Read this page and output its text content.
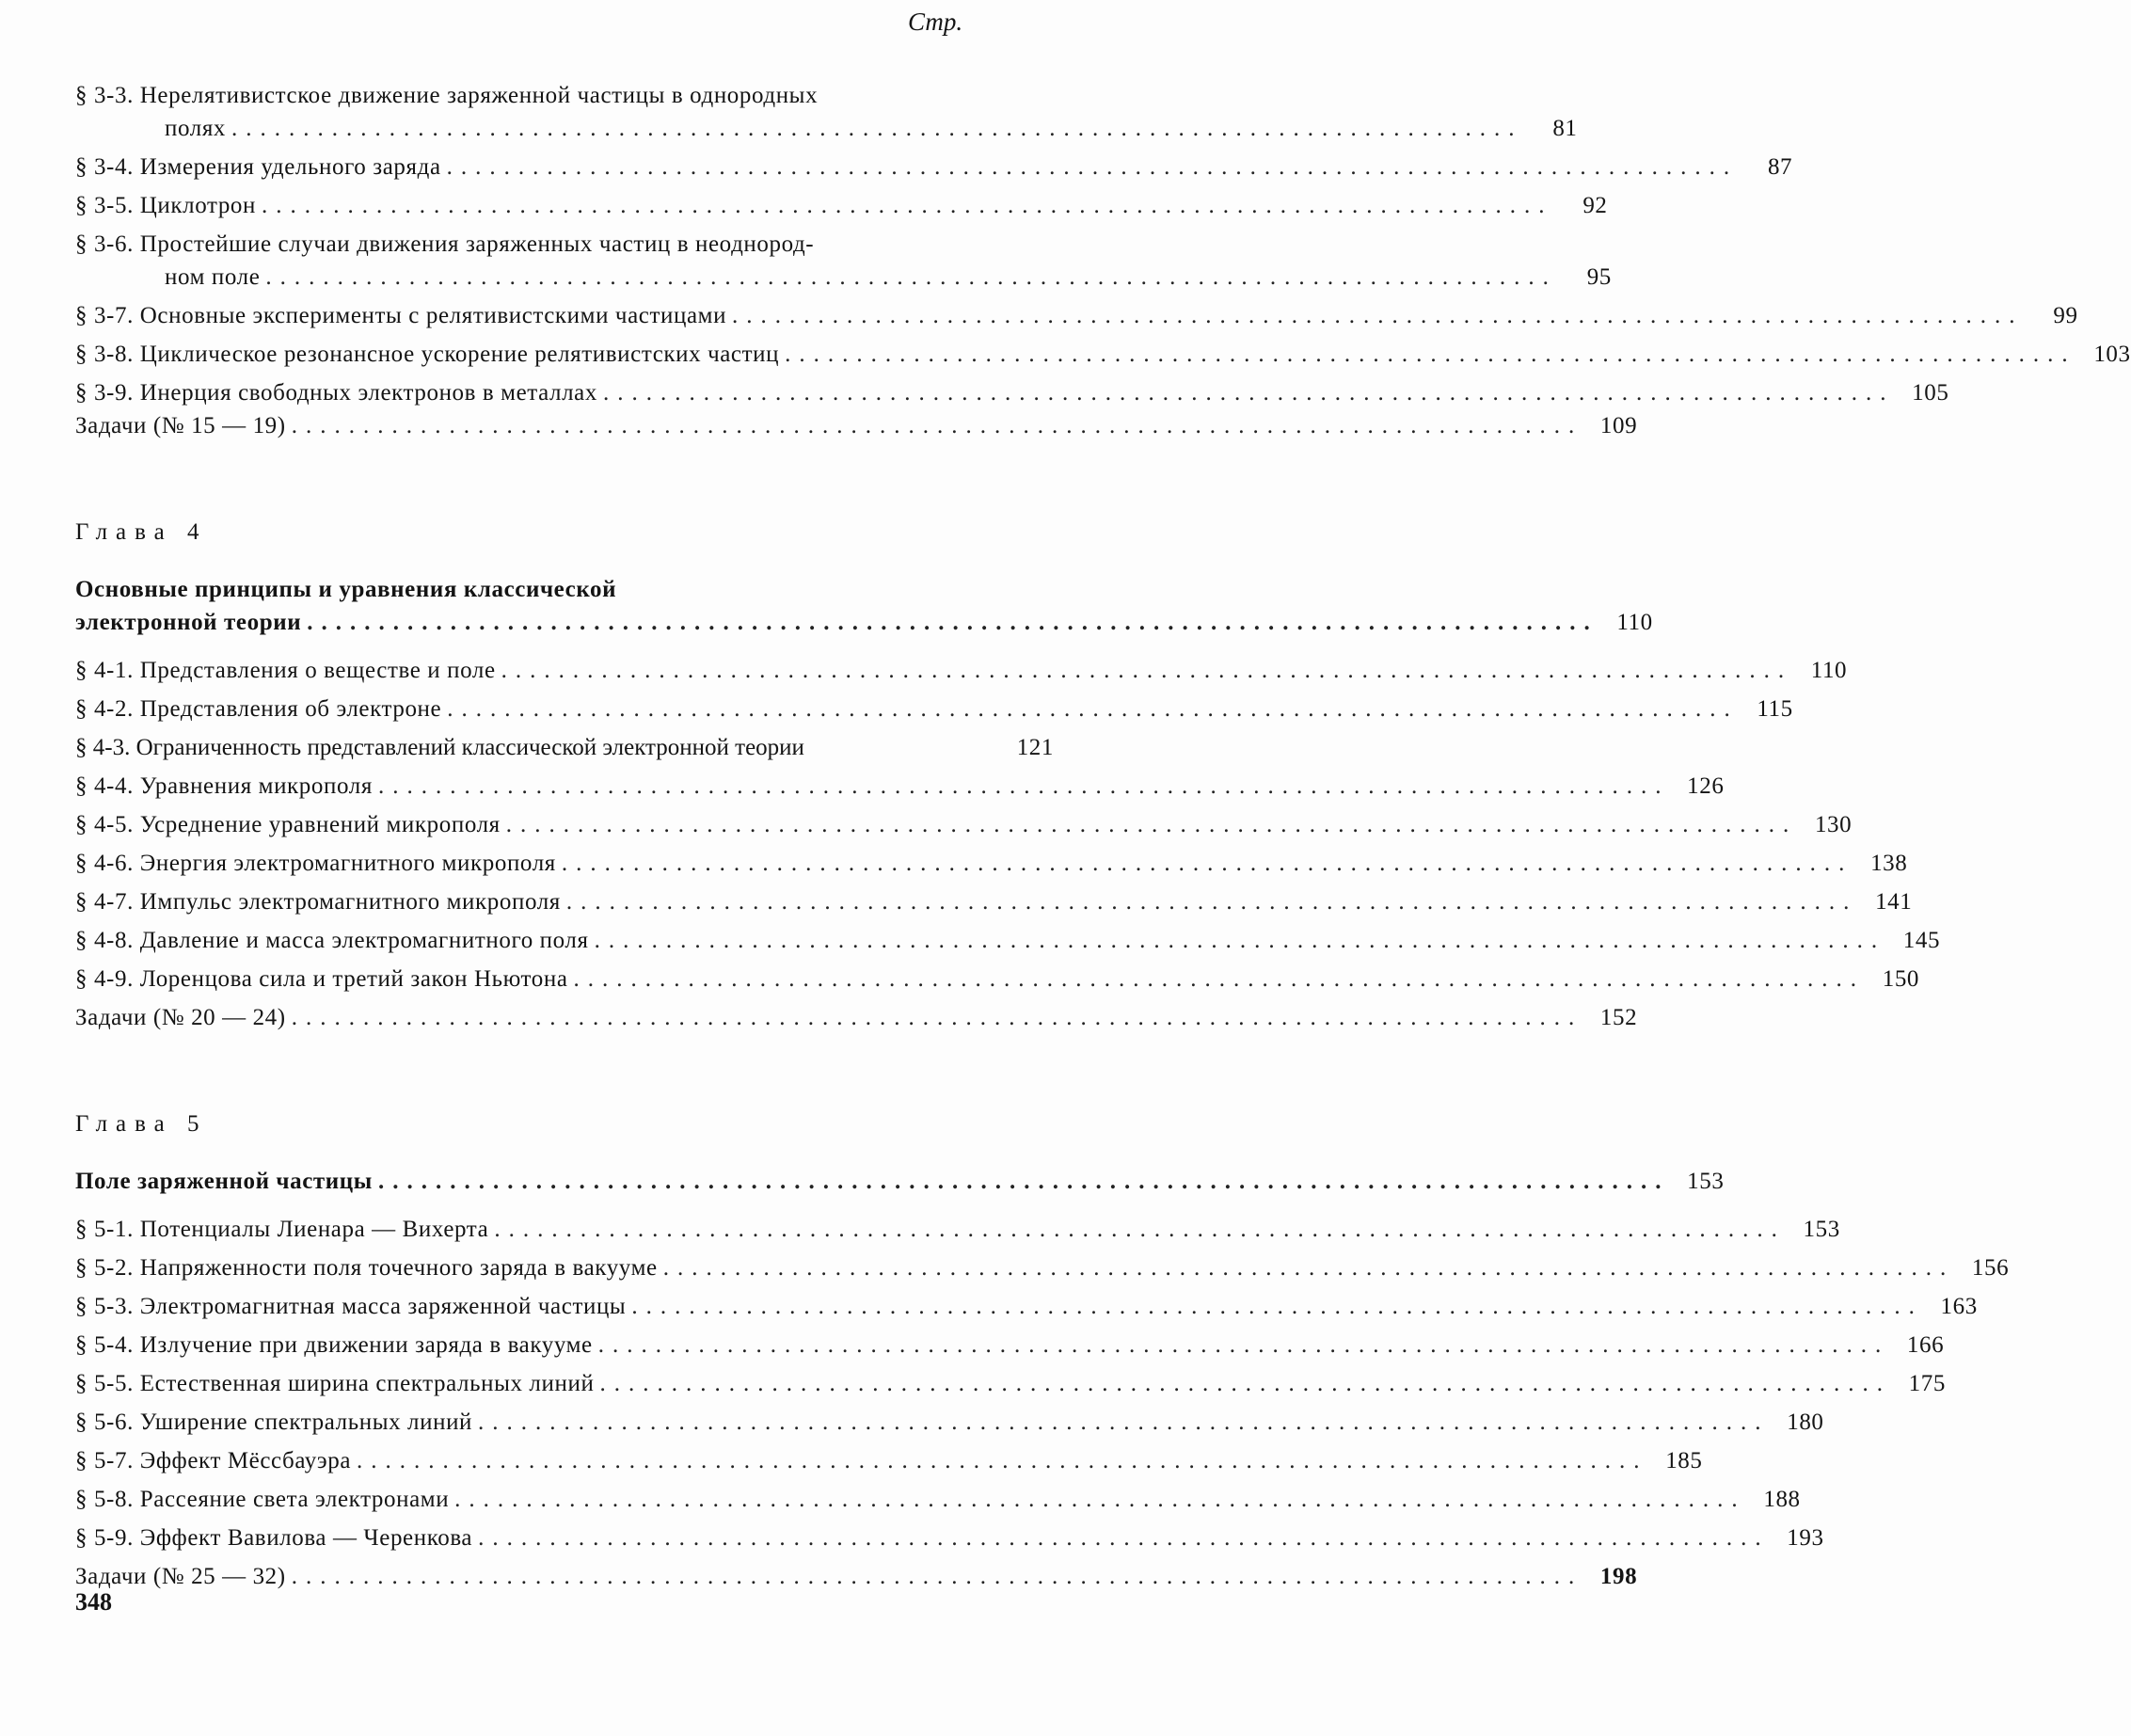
Стр.
§ 3-3. Нерелятивистское движение заряженной частицы в однородных
полях ..........................................................................................	81
§ 3-4. Измерения удельного заряда ..........................................................................................	87
§ 3-5. Циклотрон ..........................................................................................	92
§ 3-6. Простейшие случаи движения заряженных частиц в неоднород-
ном поле ..........................................................................................	95
§ 3-7. Основные эксперименты с релятивистскими частицами ..........................................................................................	99
§ 3-8. Циклическое резонансное ускорение релятивистских частиц .......................................................................................... 103
§ 3-9. Инерция свободных электронов в металлах .......................................................................................... 105
Задачи (№ 15 — 19) .......................................................................................... 109
Глава 4
Основные принципы и уравнения классической
электронной теории .......................................................................................... 110
§ 4-1. Представления о веществе и поле .......................................................................................... 110
§ 4-2. Представления об электроне .......................................................................................... 115
§ 4-3. Ограниченность представлений классической электронной теории	121
§ 4-4. Уравнения микрополя .......................................................................................... 126
§ 4-5. Усреднение уравнений микрополя .......................................................................................... 130
§ 4-6. Энергия электромагнитного микрополя .......................................................................................... 138
§ 4-7. Импульс электромагнитного микрополя .......................................................................................... 141
§ 4-8. Давление и масса электромагнитного поля .......................................................................................... 145
§ 4-9. Лоренцова сила и третий закон Ньютона .......................................................................................... 150
Задачи (№ 20 — 24) .......................................................................................... 152
Глава 5
Поле заряженной частицы .......................................................................................... 153
§ 5-1. Потенциалы Лиенара — Вихерта .......................................................................................... 153
§ 5-2. Напряженности поля точечного заряда в вакууме .......................................................................................... 156
§ 5-3. Электромагнитная масса заряженной частицы .......................................................................................... 163
§ 5-4. Излучение при движении заряда в вакууме .......................................................................................... 166
§ 5-5. Естественная ширина спектральных линий .......................................................................................... 175
§ 5-6. Уширение спектральных линий .......................................................................................... 180
§ 5-7. Эффект Мёссбауэра .......................................................................................... 185
§ 5-8. Рассеяние света электронами .......................................................................................... 188
§ 5-9. Эффект Вавилова — Черенкова .......................................................................................... 193
Задачи (№ 25 — 32) .......................................................................................... 198
348
